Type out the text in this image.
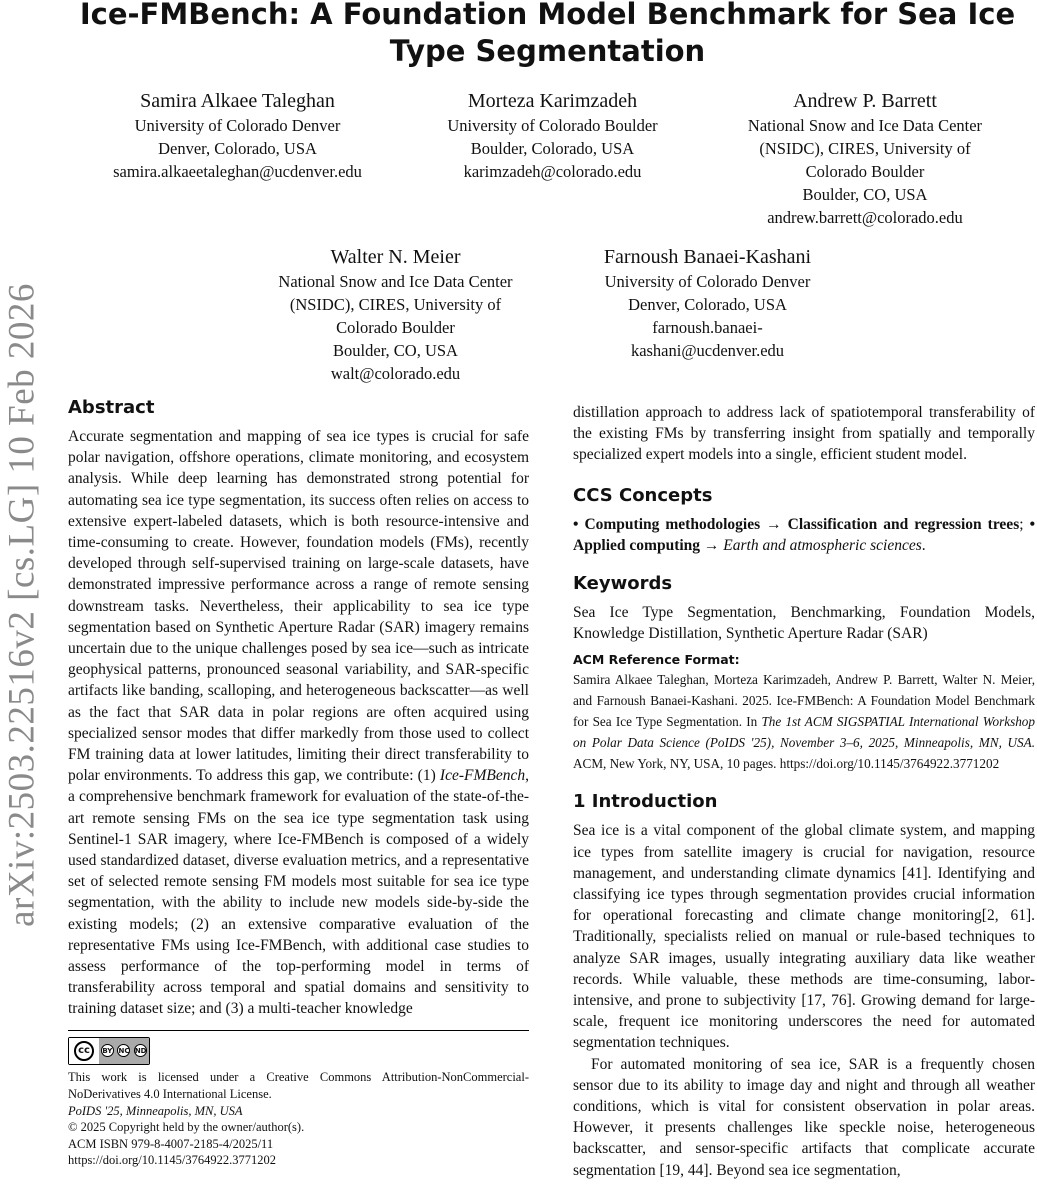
arXiv:2503.22516v2 [cs.LG] 10 Feb 2026
Ice-FMBench: A Foundation Model Benchmark for Sea Ice Type Segmentation
Samira Alkaee Taleghan
University of Colorado Denver
Denver, Colorado, USA
samira.alkaeetaleghan@ucdenver.edu
Morteza Karimzadeh
University of Colorado Boulder
Boulder, Colorado, USA
karimzadeh@colorado.edu
Andrew P. Barrett
National Snow and Ice Data Center
(NSIDC), CIRES, University of
Colorado Boulder
Boulder, CO, USA
andrew.barrett@colorado.edu
Walter N. Meier
National Snow and Ice Data Center
(NSIDC), CIRES, University of
Colorado Boulder
Boulder, CO, USA
walt@colorado.edu
Farnoush Banaei-Kashani
University of Colorado Denver
Denver, Colorado, USA
farnoush.banaei-
kashani@ucdenver.edu
Abstract

Accurate segmentation and mapping of sea ice types is crucial for safe polar navigation, offshore operations, climate monitoring, and ecosystem analysis. While deep learning has demonstrated strong potential for automating sea ice type segmentation, its success often relies on access to extensive expert-labeled datasets, which is both resource-intensive and time-consuming to create. However, foundation models (FMs), recently developed through self-supervised training on large-scale datasets, have demonstrated impressive performance across a range of remote sensing downstream tasks. Nevertheless, their applicability to sea ice type segmentation based on Synthetic Aperture Radar (SAR) imagery remains uncertain due to the unique challenges posed by sea ice—such as intricate geophysical patterns, pronounced seasonal variability, and SAR-specific artifacts like banding, scalloping, and heterogeneous backscatter—as well as the fact that SAR data in polar regions are often acquired using specialized sensor modes that differ markedly from those used to collect FM training data at lower latitudes, limiting their direct transferability to polar environments. To address this gap, we contribute: (1) Ice-FMBench, a comprehensive benchmark framework for evaluation of the state-of-the-art remote sensing FMs on the sea ice type segmentation task using Sentinel-1 SAR imagery, where Ice-FMBench is composed of a widely used standardized dataset, diverse evaluation metrics, and a representative set of selected remote sensing FM models most suitable for sea ice type segmentation, with the ability to include new models side-by-side the existing models; (2) an extensive comparative evaluation of the representative FMs using Ice-FMBench, with additional case studies to assess performance of the top-performing model in terms of transferability across temporal and spatial domains and sensitivity to training dataset size; and (3) a multi-teacher knowledge

cc	BY NC ND

This work is licensed under a Creative Commons Attribution-NonCommercial-NoDerivatives 4.0 International License.

PoIDS '25, Minneapolis, MN, USA

© 2025 Copyright held by the owner/author(s).

ACM ISBN 979-8-4007-2185-4/2025/11

https://doi.org/10.1145/3764922.3771202

distillation approach to address lack of spatiotemporal transferability of the existing FMs by transferring insight from spatially and temporally specialized expert models into a single, efficient student model.

CCS Concepts

• Computing methodologies → Classification and regression trees; • Applied computing → Earth and atmospheric sciences.

Keywords

Sea Ice Type Segmentation, Benchmarking, Foundation Models, Knowledge Distillation, Synthetic Aperture Radar (SAR)

ACM Reference Format:

Samira Alkaee Taleghan, Morteza Karimzadeh, Andrew P. Barrett, Walter N. Meier, and Farnoush Banaei-Kashani. 2025. Ice-FMBench: A Foundation Model Benchmark for Sea Ice Type Segmentation. In The 1st ACM SIGSPATIAL International Workshop on Polar Data Science (PoIDS '25), November 3–6, 2025, Minneapolis, MN, USA. ACM, New York, NY, USA, 10 pages. https://doi.org/10.1145/3764922.3771202

1 Introduction

Sea ice is a vital component of the global climate system, and mapping ice types from satellite imagery is crucial for navigation, resource management, and understanding climate dynamics [41]. Identifying and classifying ice types through segmentation provides crucial information for operational forecasting and climate change monitoring[2, 61]. Traditionally, specialists relied on manual or rule-based techniques to analyze SAR images, usually integrating auxiliary data like weather records. While valuable, these methods are time-consuming, labor-intensive, and prone to subjectivity [17, 76]. Growing demand for large-scale, frequent ice monitoring underscores the need for automated segmentation techniques.

For automated monitoring of sea ice, SAR is a frequently chosen sensor due to its ability to image day and night and through all weather conditions, which is vital for consistent observation in polar areas. However, it presents challenges like speckle noise, heterogeneous backscatter, and sensor-specific artifacts that complicate accurate segmentation [19, 44]. Beyond sea ice segmentation,
